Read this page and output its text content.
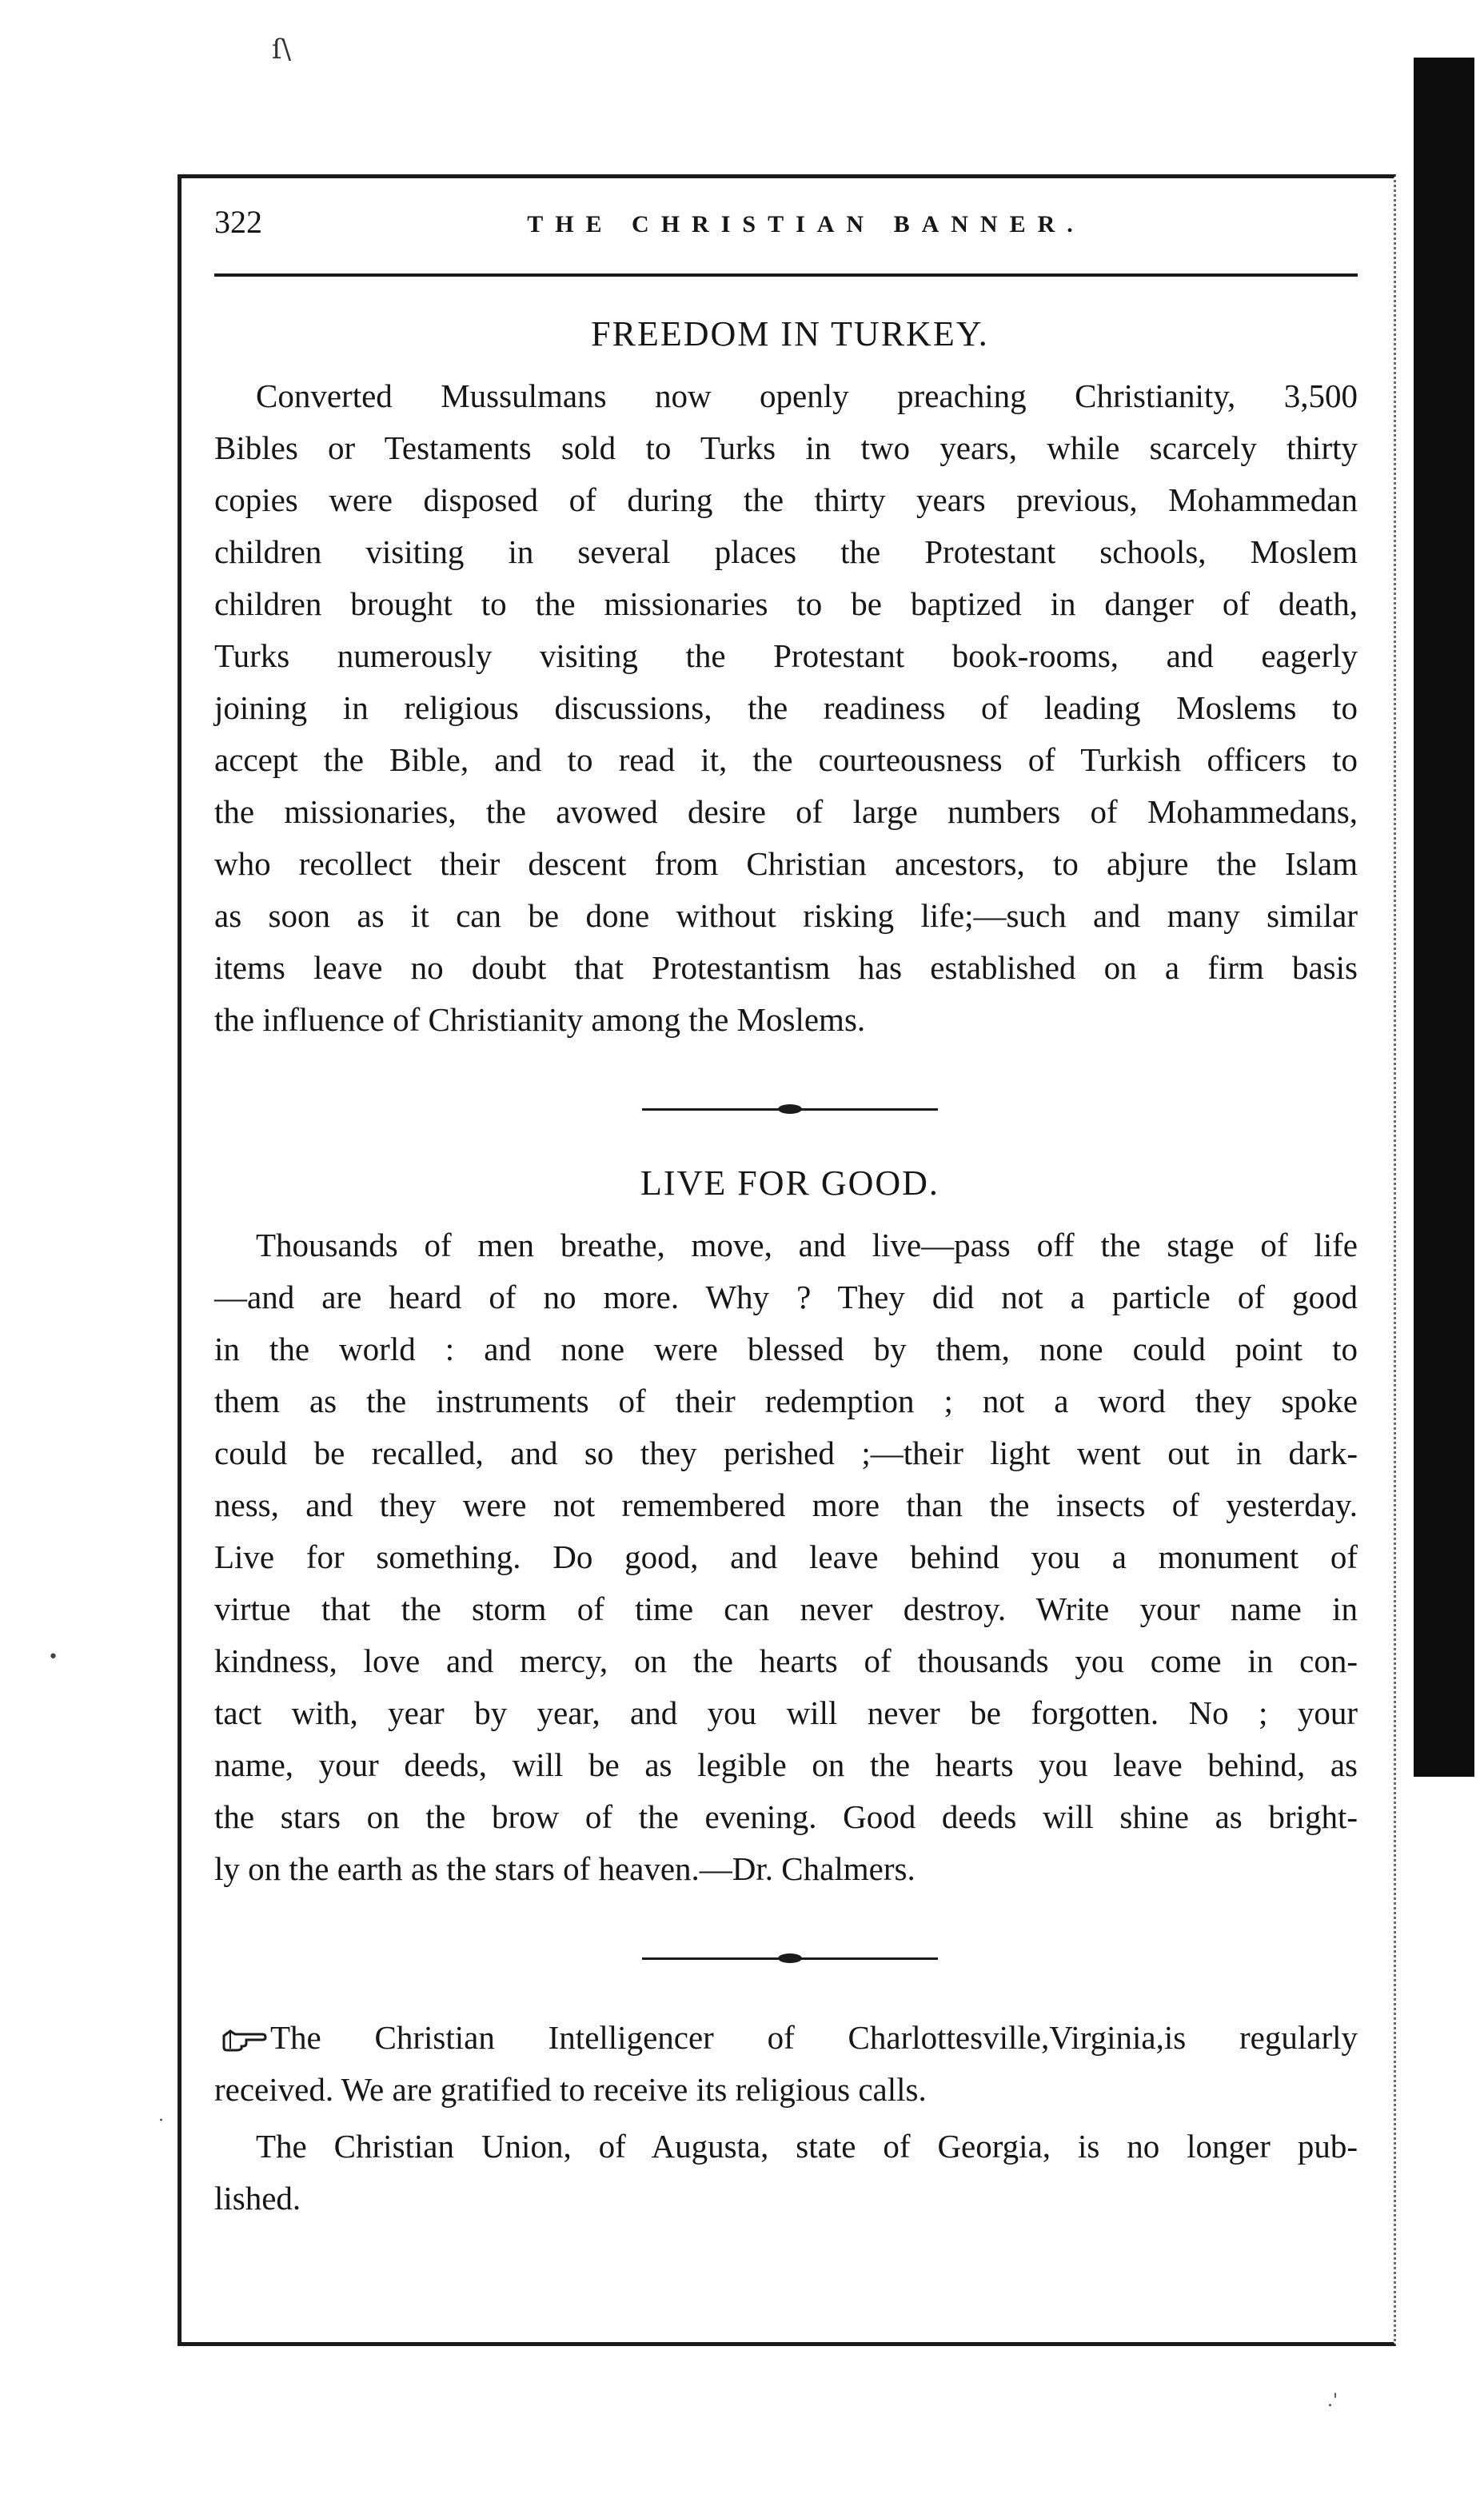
ſ\
322	THE CHRISTIAN BANNER.
FREEDOM IN TURKEY.
Converted Mussulmans now openly preaching Christianity, 3,500
Bibles or Testaments sold to Turks in two years, while scarcely thirty
copies were disposed of during the thirty years previous, Mohammedan
children visiting in several places the Protestant schools, Moslem
children brought to the missionaries to be baptized in danger of death,
Turks numerously visiting the Protestant book-rooms, and eagerly
joining in religious discussions, the readiness of leading Moslems to
accept the Bible, and to read it, the courteousness of Turkish officers to
the missionaries, the avowed desire of large numbers of Mohammedans,
who recollect their descent from Christian ancestors, to abjure the Islam
as soon as it can be done without risking life;—such and many similar
items leave no doubt that Protestantism has established on a firm basis
the influence of Christianity among the Moslems.
LIVE FOR GOOD.
Thousands of men breathe, move, and live—pass off the stage of life
—and are heard of no more. Why ? They did not a particle of good
in the world : and none were blessed by them, none could point to
them as the instruments of their redemption ; not a word they spoke
could be recalled, and so they perished ;—their light went out in dark-
ness, and they were not remembered more than the insects of yesterday.
Live for something. Do good, and leave behind you a monument of
virtue that the storm of time can never destroy. Write your name in
kindness, love and mercy, on the hearts of thousands you come in con-
tact with, year by year, and you will never be forgotten. No ; your
name, your deeds, will be as legible on the hearts you leave behind, as
the stars on the brow of the evening. Good deeds will shine as bright-
ly on the earth as the stars of heaven.—Dr. Chalmers.
The Christian Intelligencer of Charlottesville,Virginia,is regularly
received. We are gratified to receive its religious calls.
The Christian Union, of Augusta, state of Georgia, is no longer pub-
lished.
•
·
.'
